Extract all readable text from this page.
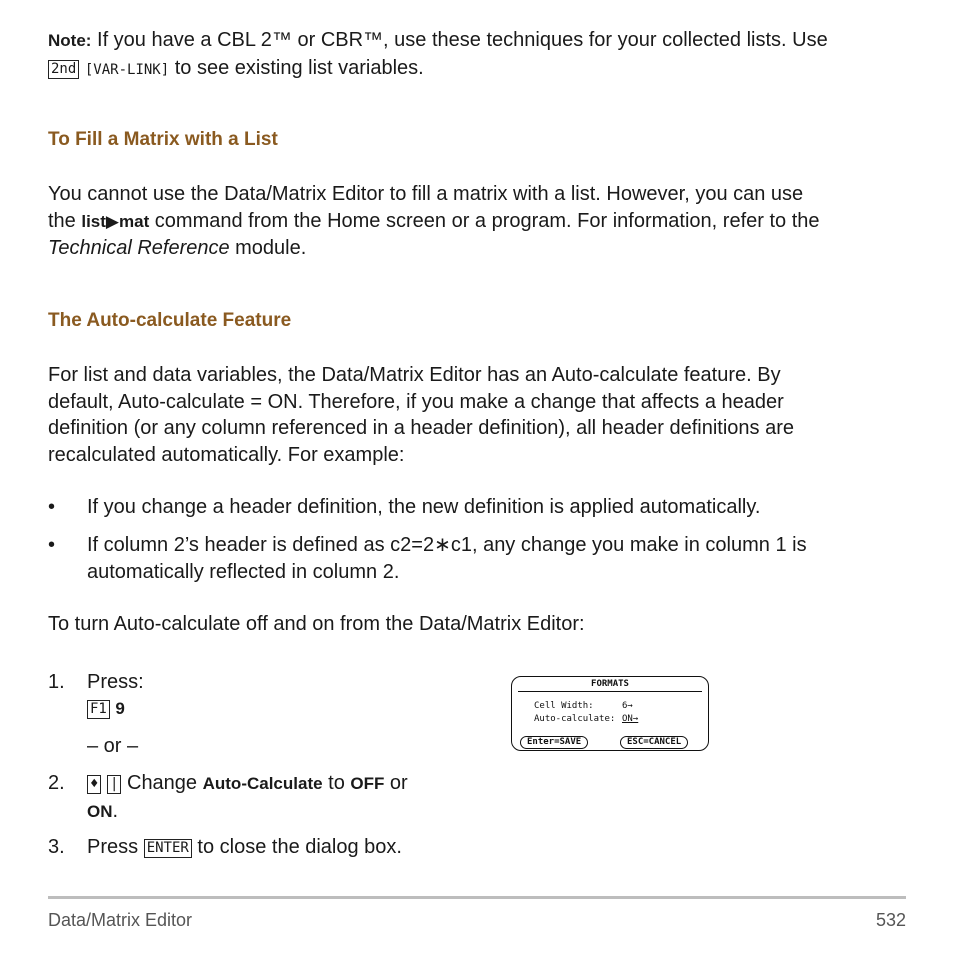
Note: If you have a CBL 2™ or CBR™, use these techniques for your collected lists. Use
2nd [VAR-LINK] to see existing list variables.
To Fill a Matrix with a List
You cannot use the Data/Matrix Editor to fill a matrix with a list. However, you can use
the list▶mat command from the Home screen or a program. For information, refer to the
Technical Reference module.
The Auto-calculate Feature
For list and data variables, the Data/Matrix Editor has an Auto-calculate feature. By
default, Auto-calculate = ON. Therefore, if you make a change that affects a header
definition (or any column referenced in a header definition), all header definitions are
recalculated automatically. For example:
• If you change a header definition, the new definition is applied automatically.
• If column 2’s header is defined as c2=2∗c1, any change you make in column 1 is
automatically reflected in column 2.
To turn Auto-calculate off and on from the Data/Matrix Editor:
1. Press:
F1 9
– or –
2. ♦ | Change Auto-Calculate to OFF or
ON.
3. Press ENTER to close the dialog box.
FORMATS
Cell Width:	6→
Auto-calculate: ON→
Enter=SAVE	ESC=CANCEL
Data/Matrix Editor	532
